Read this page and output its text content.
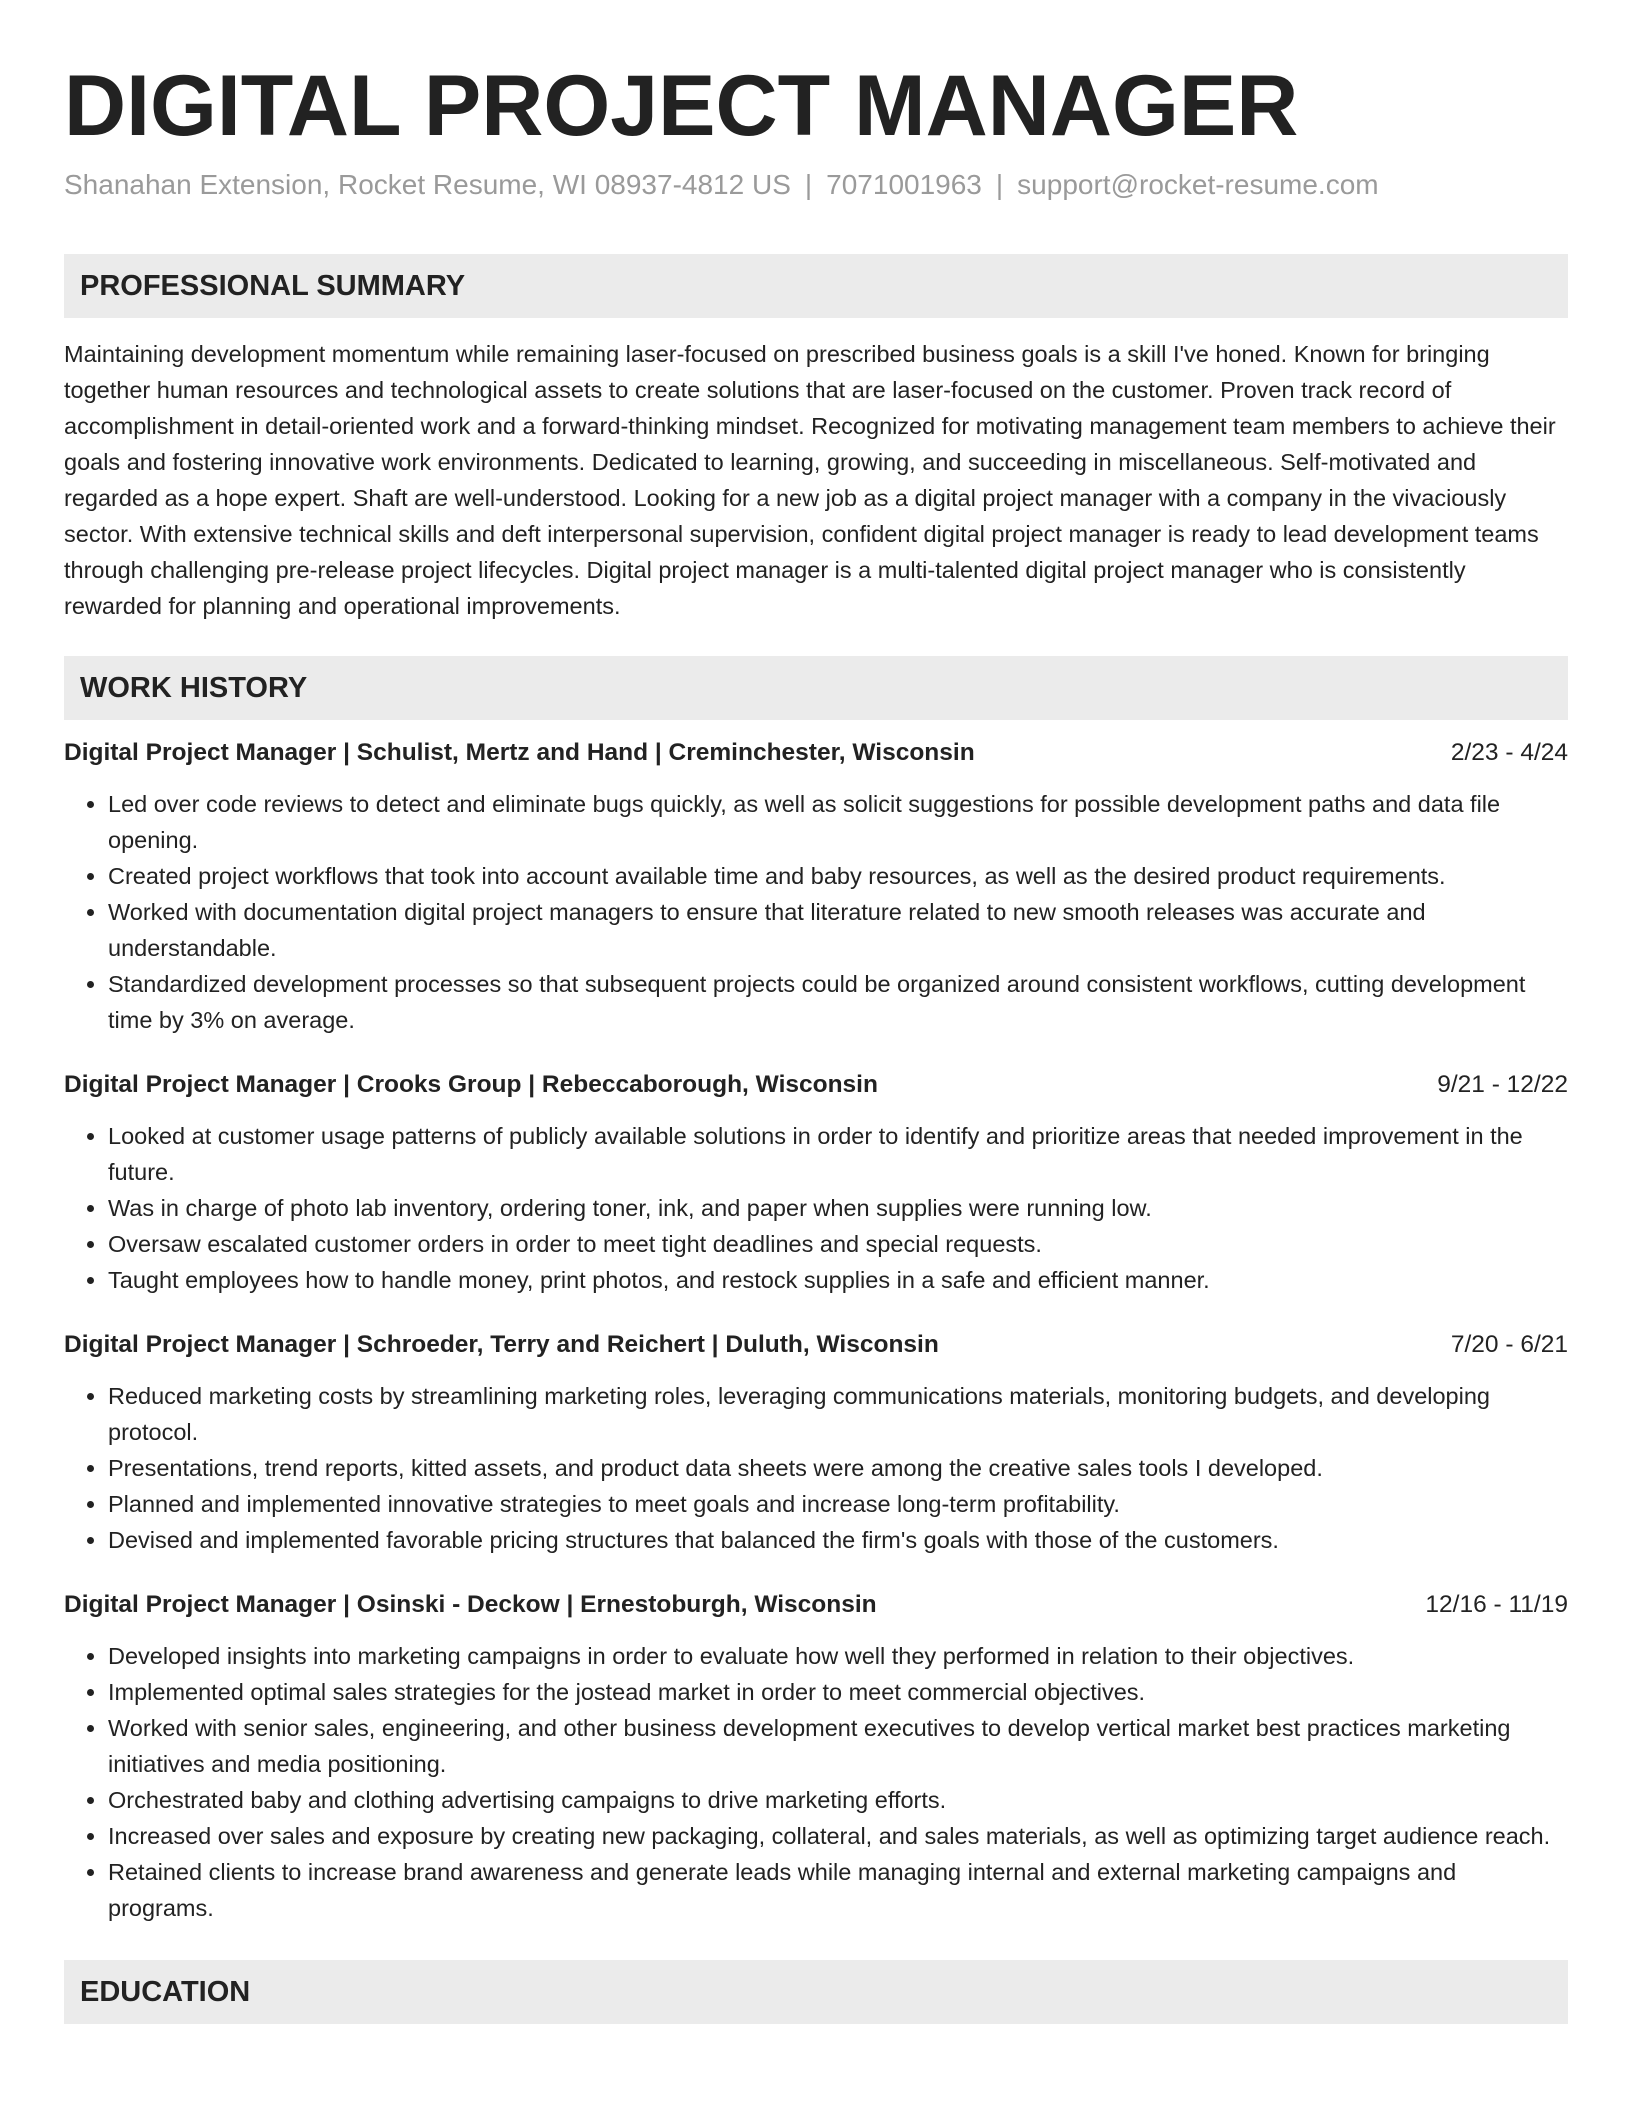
DIGITAL PROJECT MANAGER
Shanahan Extension, Rocket Resume, WI 08937-4812 US | 7071001963 | support@rocket-resume.com
PROFESSIONAL SUMMARY
Maintaining development momentum while remaining laser-focused on prescribed business goals is a skill I've honed. Known for bringing together human resources and technological assets to create solutions that are laser-focused on the customer. Proven track record of accomplishment in detail-oriented work and a forward-thinking mindset. Recognized for motivating management team members to achieve their goals and fostering innovative work environments. Dedicated to learning, growing, and succeeding in miscellaneous. Self-motivated and regarded as a hope expert. Shaft are well-understood. Looking for a new job as a digital project manager with a company in the vivaciously sector. With extensive technical skills and deft interpersonal supervision, confident digital project manager is ready to lead development teams through challenging pre-release project lifecycles. Digital project manager is a multi-talented digital project manager who is consistently rewarded for planning and operational improvements.
WORK HISTORY
Digital Project Manager | Schulist, Mertz and Hand | Creminchester, Wisconsin	2/23 - 4/24
• Led over code reviews to detect and eliminate bugs quickly, as well as solicit suggestions for possible development paths and data file opening.
• Created project workflows that took into account available time and baby resources, as well as the desired product requirements.
• Worked with documentation digital project managers to ensure that literature related to new smooth releases was accurate and understandable.
• Standardized development processes so that subsequent projects could be organized around consistent workflows, cutting development time by 3% on average.
Digital Project Manager | Crooks Group | Rebeccaborough, Wisconsin	9/21 - 12/22
• Looked at customer usage patterns of publicly available solutions in order to identify and prioritize areas that needed improvement in the future.
• Was in charge of photo lab inventory, ordering toner, ink, and paper when supplies were running low.
• Oversaw escalated customer orders in order to meet tight deadlines and special requests.
• Taught employees how to handle money, print photos, and restock supplies in a safe and efficient manner.
Digital Project Manager | Schroeder, Terry and Reichert | Duluth, Wisconsin	7/20 - 6/21
• Reduced marketing costs by streamlining marketing roles, leveraging communications materials, monitoring budgets, and developing protocol.
• Presentations, trend reports, kitted assets, and product data sheets were among the creative sales tools I developed.
• Planned and implemented innovative strategies to meet goals and increase long-term profitability.
• Devised and implemented favorable pricing structures that balanced the firm's goals with those of the customers.
Digital Project Manager | Osinski - Deckow | Ernestoburgh, Wisconsin	12/16 - 11/19
• Developed insights into marketing campaigns in order to evaluate how well they performed in relation to their objectives.
• Implemented optimal sales strategies for the jostead market in order to meet commercial objectives.
• Worked with senior sales, engineering, and other business development executives to develop vertical market best practices marketing initiatives and media positioning.
• Orchestrated baby and clothing advertising campaigns to drive marketing efforts.
• Increased over sales and exposure by creating new packaging, collateral, and sales materials, as well as optimizing target audience reach.
• Retained clients to increase brand awareness and generate leads while managing internal and external marketing campaigns and programs.
EDUCATION
